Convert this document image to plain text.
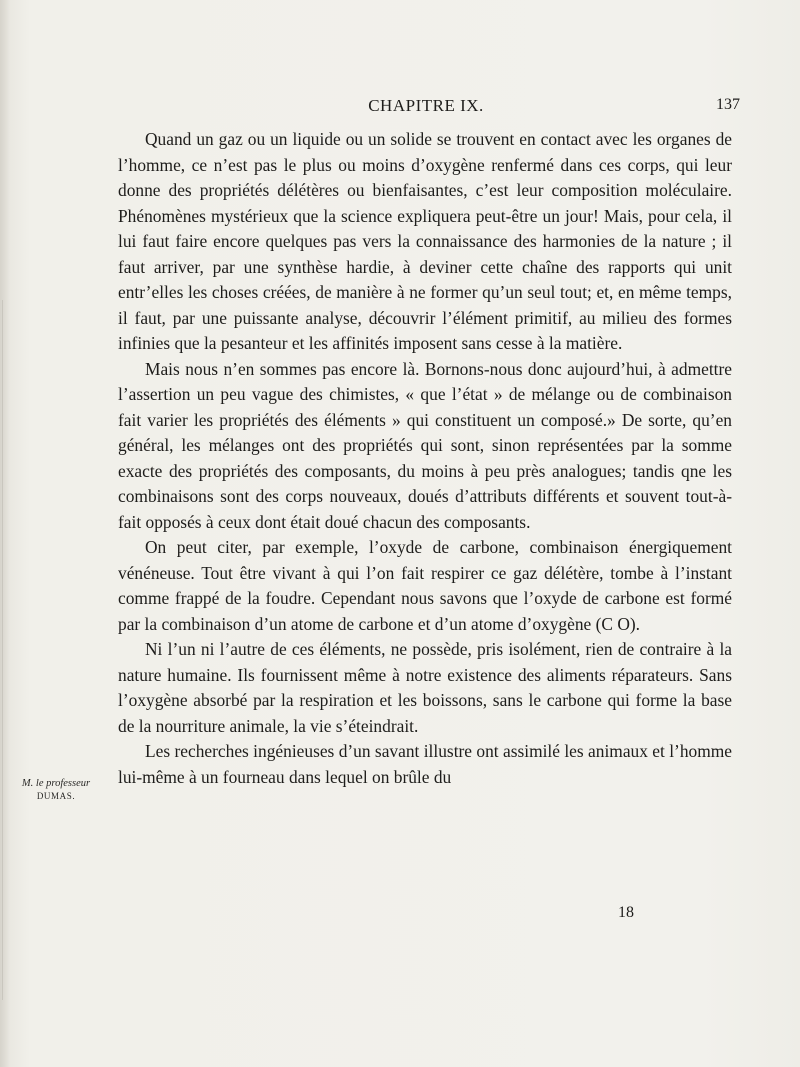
CHAPITRE IX.	137

Quand un gaz ou un liquide ou un solide se trouvent en contact avec les organes de l’homme, ce n’est pas le plus ou moins d’oxygène renfermé dans ces corps, qui leur donne des propriétés délétères ou bienfaisantes, c’est leur composition moléculaire. Phénomènes mystérieux que la science expliquera peut-être un jour! Mais, pour cela, il lui faut faire encore quelques pas vers la connaissance des harmonies de la nature ; il faut arriver, par une synthèse hardie, à deviner cette chaîne des rapports qui unit entr’elles les choses créées, de manière à ne former qu’un seul tout; et, en même temps, il faut, par une puissante analyse, découvrir l’élément primitif, au milieu des formes infinies que la pesanteur et les affinités imposent sans cesse à la matière.

Mais nous n’en sommes pas encore là. Bornons-nous donc aujourd’hui, à admettre l’assertion un peu vague des chimistes, « que l’état » de mélange ou de combinaison fait varier les propriétés des éléments » qui constituent un composé.» De sorte, qu’en général, les mélanges ont des propriétés qui sont, sinon représentées par la somme exacte des propriétés des composants, du moins à peu près analogues; tandis qne les combinaisons sont des corps nouveaux, doués d’attributs différents et souvent tout-à-fait opposés à ceux dont était doué chacun des composants.

On peut citer, par exemple, l’oxyde de carbone, combinaison énergiquement vénéneuse. Tout être vivant à qui l’on fait respirer ce gaz délétère, tombe à l’instant comme frappé de la foudre. Cependant nous savons que l’oxyde de carbone est formé par la combinaison d’un atome de carbone et d’un atome d’oxygène (C O).

Ni l’un ni l’autre de ces éléments, ne possède, pris isolément, rien de contraire à la nature humaine. Ils fournissent même à notre existence des aliments réparateurs. Sans l’oxygène absorbé par la respiration et les boissons, sans le carbone qui forme la base de la nourriture animale, la vie s’éteindrait.

Les recherches ingénieuses d’un savant illustre ont assimilé les animaux et l’homme lui-même à un fourneau dans lequel on brûle du

M. le professeur
DUMAS.
18
